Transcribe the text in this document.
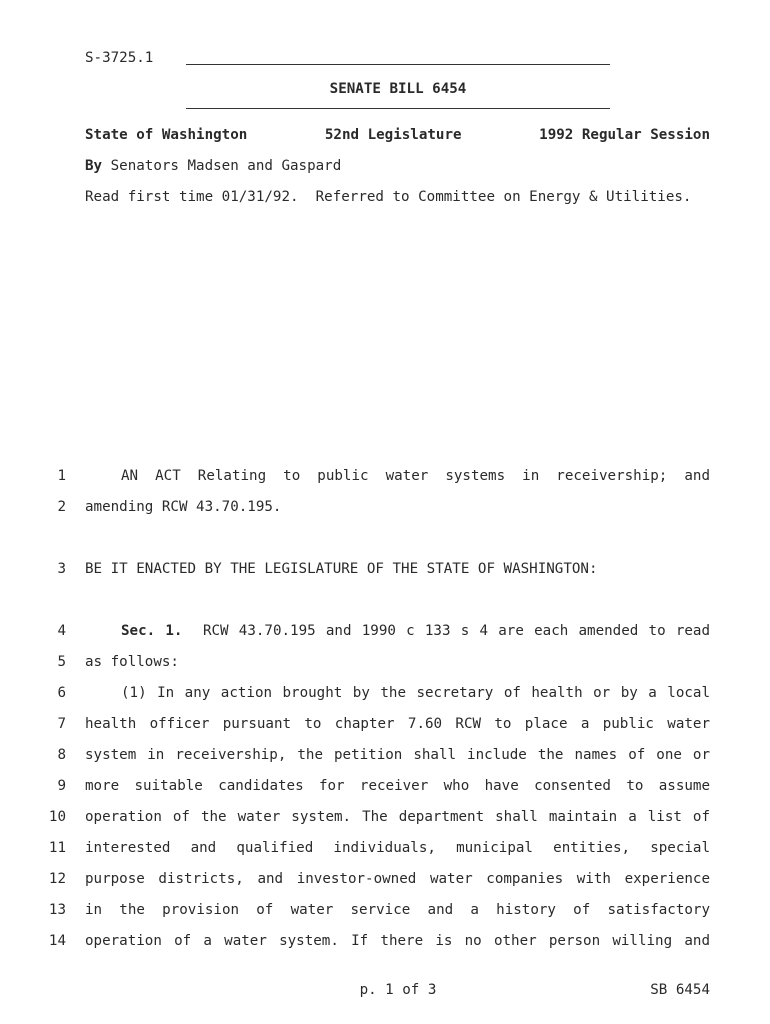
S-3725.1
SENATE BILL 6454
State of Washington	52nd Legislature	1992 Regular Session
By Senators Madsen and Gaspard
Read first time 01/31/92.  Referred to Committee on Energy & Utilities.
1	AN ACT Relating to public water systems in receivership; and
2 amending RCW 43.70.195.
3 BE IT ENACTED BY THE LEGISLATURE OF THE STATE OF WASHINGTON:
4	Sec. 1. RCW 43.70.195 and 1990 c 133 s 4 are each amended to read
5 as follows:
6	(1) In any action brought by the secretary of health or by a local
7 health officer pursuant to chapter 7.60 RCW to place a public water
8 system in receivership, the petition shall include the names of one or
9 more suitable candidates for receiver who have consented to assume
10 operation of the water system. The department shall maintain a list of
11 interested and qualified individuals, municipal entities, special
12 purpose districts, and investor-owned water companies with experience
13 in the provision of water service and a history of satisfactory
14 operation of a water system. If there is no other person willing and
p. 1 of 3	SB 6454
